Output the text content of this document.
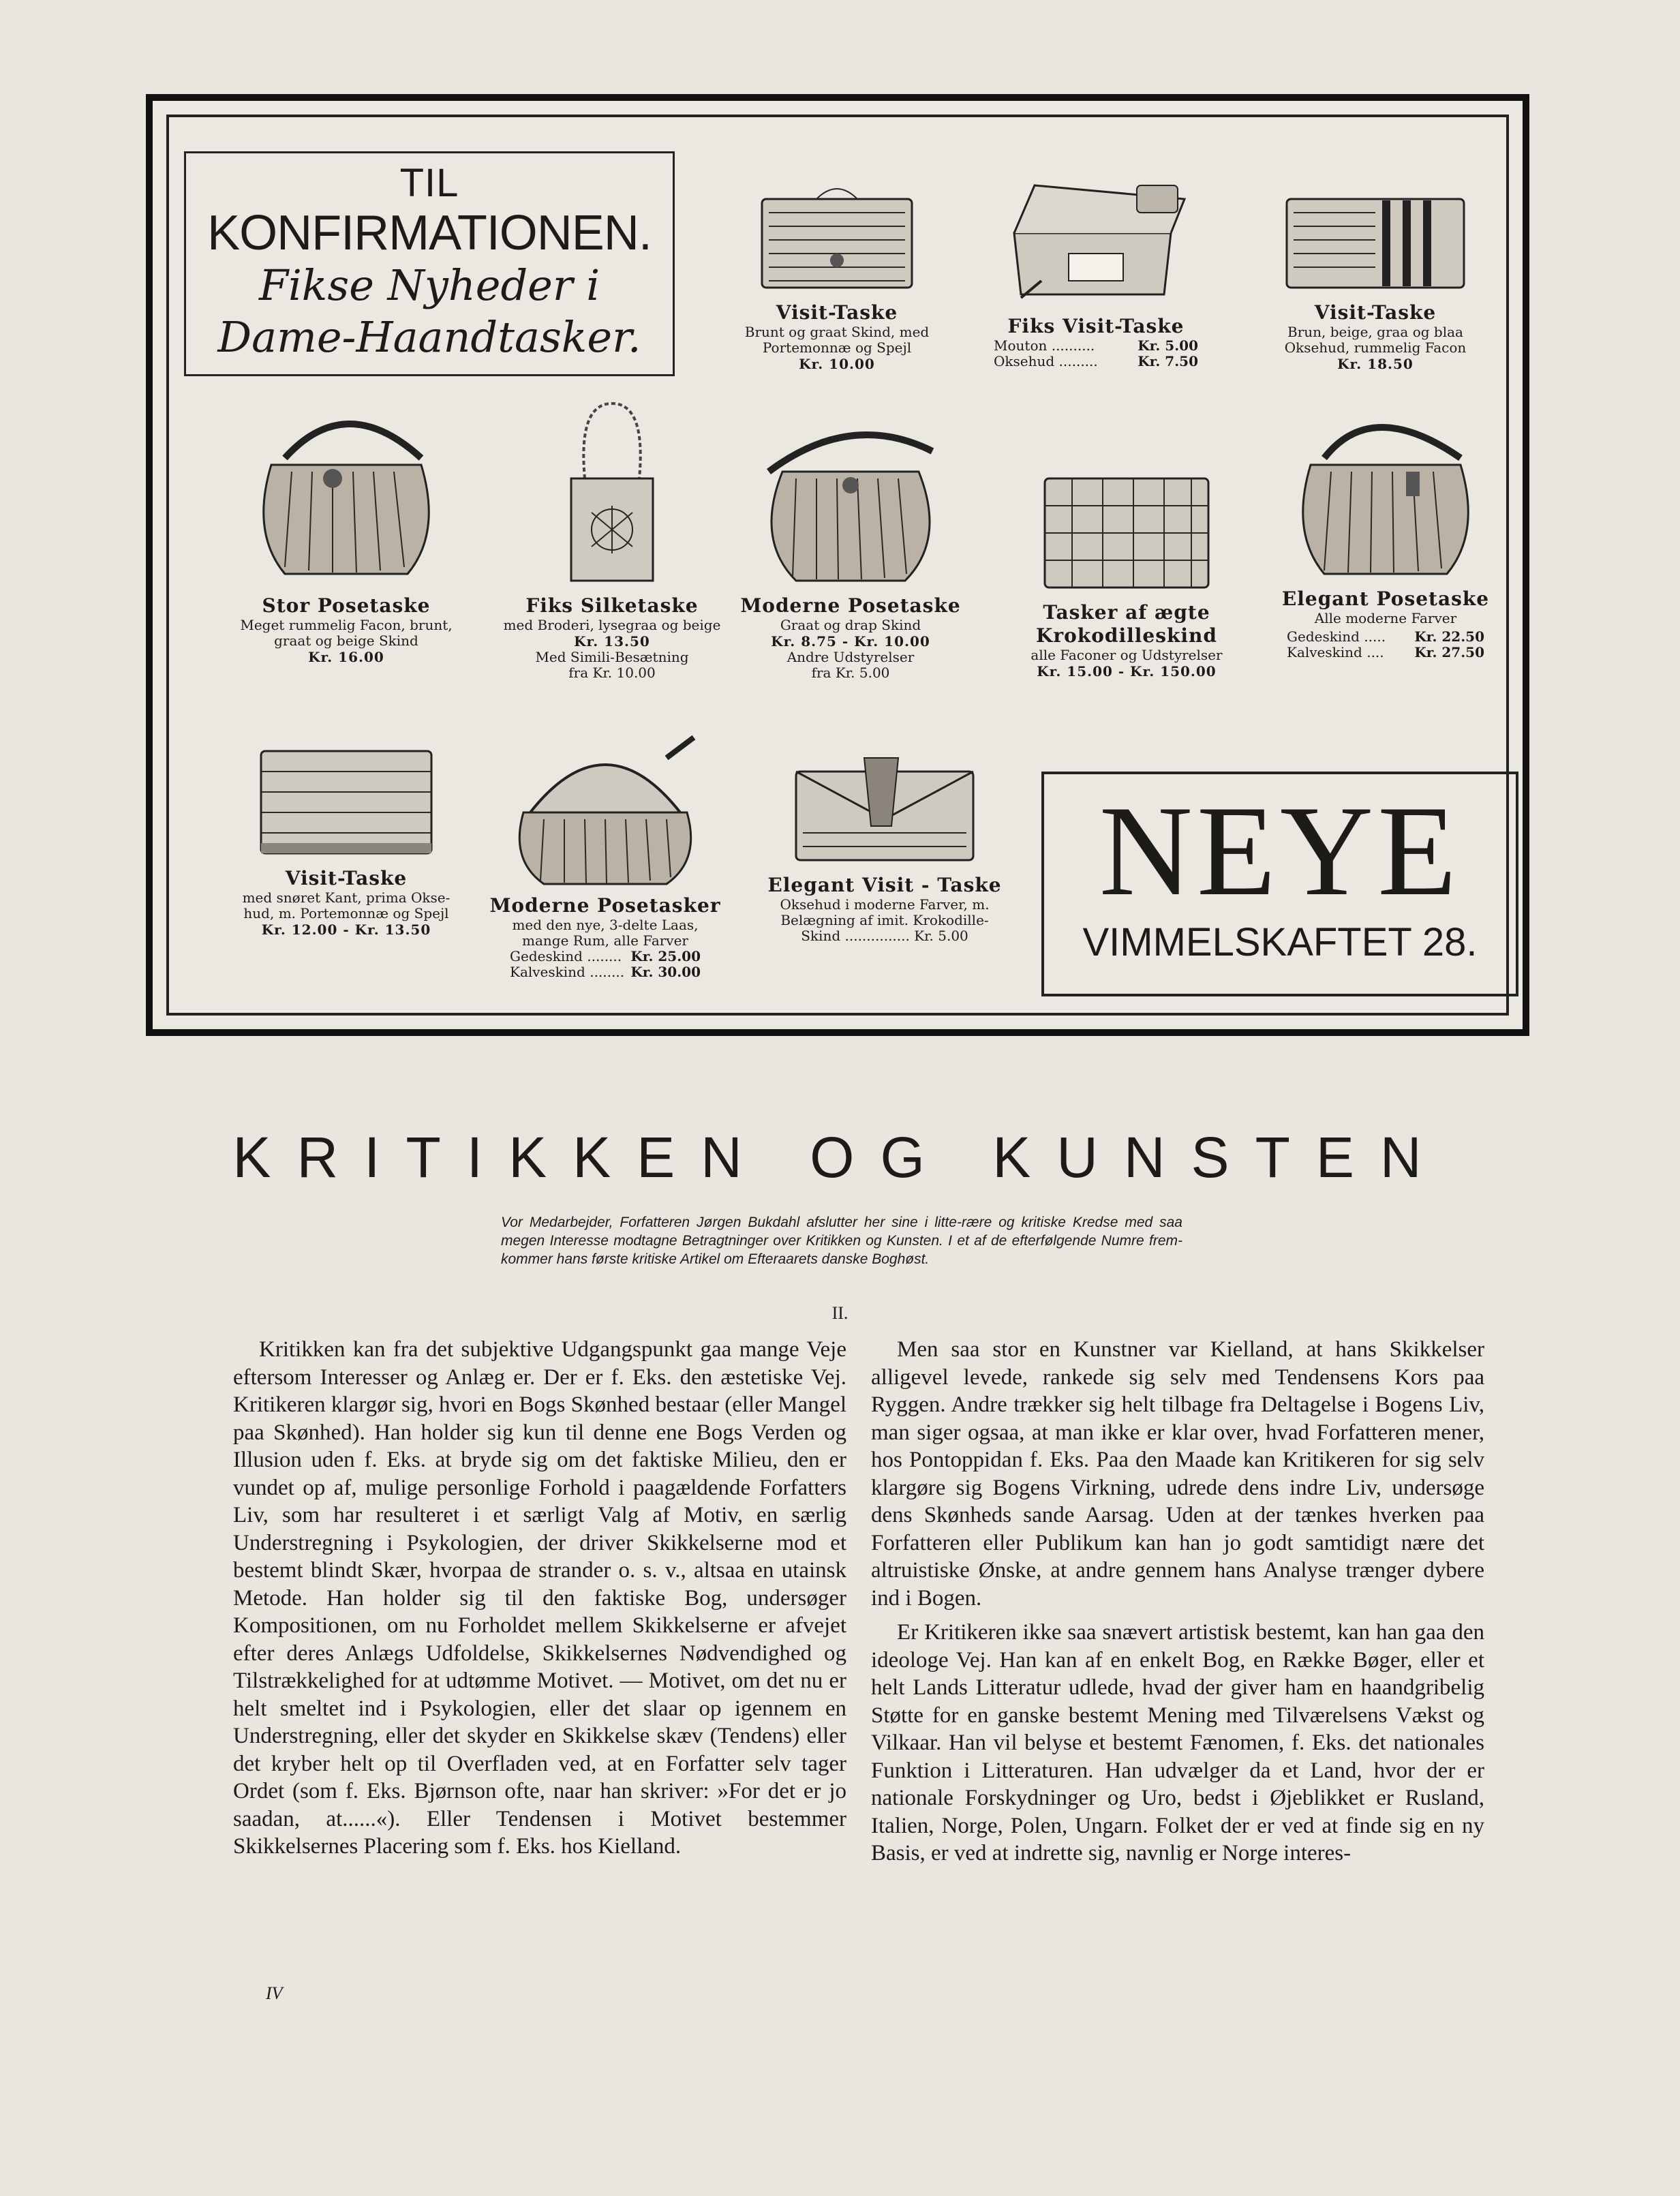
TIL
KONFIRMATIONEN.
Fikse Nyheder i
Dame-Haandtasker.	Visit-Taske
Brunt og graat Skind, med
Portemonnæ og Spejl
Kr. 10.00
Fiks Visit-Taske
Mouton ..........	Kr. 5.00
Oksehud .........	Kr. 7.50
Visit-Taske
Brun, beige, graa og blaa
Oksehud, rummelig Facon
Kr. 18.50
Stor Posetaske
Meget rummelig Facon, brunt,
graat og beige Skind
Kr. 16.00
Fiks Silketaske
med Broderi, lysegraa og beige
Kr. 13.50
Med Simili-Besætning
fra Kr. 10.00
Moderne Posetaske
Graat og drap Skind
Kr. 8.75 - Kr. 10.00
Andre Udstyrelser
fra Kr. 5.00
Tasker af ægte Krokodilleskind
alle Faconer og Udstyrelser
Kr. 15.00 - Kr. 150.00
Elegant Posetaske
Alle moderne Farver
Gedeskind ..... Kr. 22.50
Kalveskind .... Kr. 27.50
Visit-Taske
med snøret Kant, prima Okse-
hud, m. Portemonnæ og Spejl
Kr. 12.00 - Kr. 13.50
Moderne Posetasker
med den nye, 3-delte Laas,
mange Rum, alle Farver
Gedeskind ........ Kr. 25.00
Kalveskind ........ Kr. 30.00
Elegant Visit - Taske
Oksehud i moderne Farver, m.
Belægning af imit. Krokodille-
Skind ............... Kr. 5.00
NEYE
VIMMELSKAFTET 28.
KRITIKKEN OG KUNSTEN
Vor Medarbejder, Forfatteren Jørgen Bukdahl afslutter her sine i litte-rære og kritiske Kredse med saa megen Interesse modtagne Betragtninger over Kritikken og Kunsten. I et af de efterfølgende Numre frem-kommer hans første kritiske Artikel om Efteraarets danske Boghøst.
II.

Kritikken kan fra det subjektive Udgangspunkt gaa mange Veje eftersom Interesser og Anlæg er. Der er f. Eks. den æstetiske Vej. Kritikeren klargør sig, hvori en Bogs Skønhed bestaar (eller Mangel paa Skønhed). Han holder sig kun til denne ene Bogs Verden og Illusion uden f. Eks. at bryde sig om det faktiske Milieu, den er vundet op af, mulige personlige Forhold i paagældende Forfatters Liv, som har resulteret i et særligt Valg af Motiv, en særlig Understregning i Psykologien, der driver Skikkelserne mod et bestemt blindt Skær, hvorpaa de strander o. s. v., altsaa en utainsk Metode. Han holder sig til den faktiske Bog, undersøger Kompositionen, om nu Forholdet mellem Skikkelserne er afvejet efter deres Anlægs Udfoldelse, Skikkelsernes Nødvendighed og Tilstrækkelighed for at udtømme Motivet. — Motivet, om det nu er helt smeltet ind i Psykologien, eller det slaar op igennem en Understregning, eller det skyder en Skikkelse skæv (Tendens) eller det kryber helt op til Overfladen ved, at en Forfatter selv tager Ordet (som f. Eks. Bjørnson ofte, naar han skriver: »For det er jo saadan, at......«). Eller Tendensen i Motivet bestemmer Skikkelsernes Placering som f. Eks. hos Kielland.

Men saa stor en Kunstner var Kielland, at hans Skikkelser alligevel levede, rankede sig selv med Tendensens Kors paa Ryggen. Andre trækker sig helt tilbage fra Deltagelse i Bogens Liv, man siger ogsaa, at man ikke er klar over, hvad Forfatteren mener, hos Pontoppidan f. Eks. Paa den Maade kan Kritikeren for sig selv klargøre sig Bogens Virkning, udrede dens indre Liv, undersøge dens Skønheds sande Aarsag. Uden at der tænkes hverken paa Forfatteren eller Publikum kan han jo godt samtidigt nære det altruistiske Ønske, at andre gennem hans Analyse trænger dybere ind i Bogen.

Er Kritikeren ikke saa snævert artistisk bestemt, kan han gaa den ideologe Vej. Han kan af en enkelt Bog, en Række Bøger, eller et helt Lands Litteratur udlede, hvad der giver ham en haandgribelig Støtte for en ganske bestemt Mening med Tilværelsens Vækst og Vilkaar. Han vil belyse et bestemt Fænomen, f. Eks. det nationales Funktion i Litteraturen. Han udvælger da et Land, hvor der er nationale Forskydninger og Uro, bedst i Øjeblikket er Rusland, Italien, Norge, Polen, Ungarn. Folket der er ved at finde sig en ny Basis, er ved at indrette sig, navnlig er Norge interes-

IV
